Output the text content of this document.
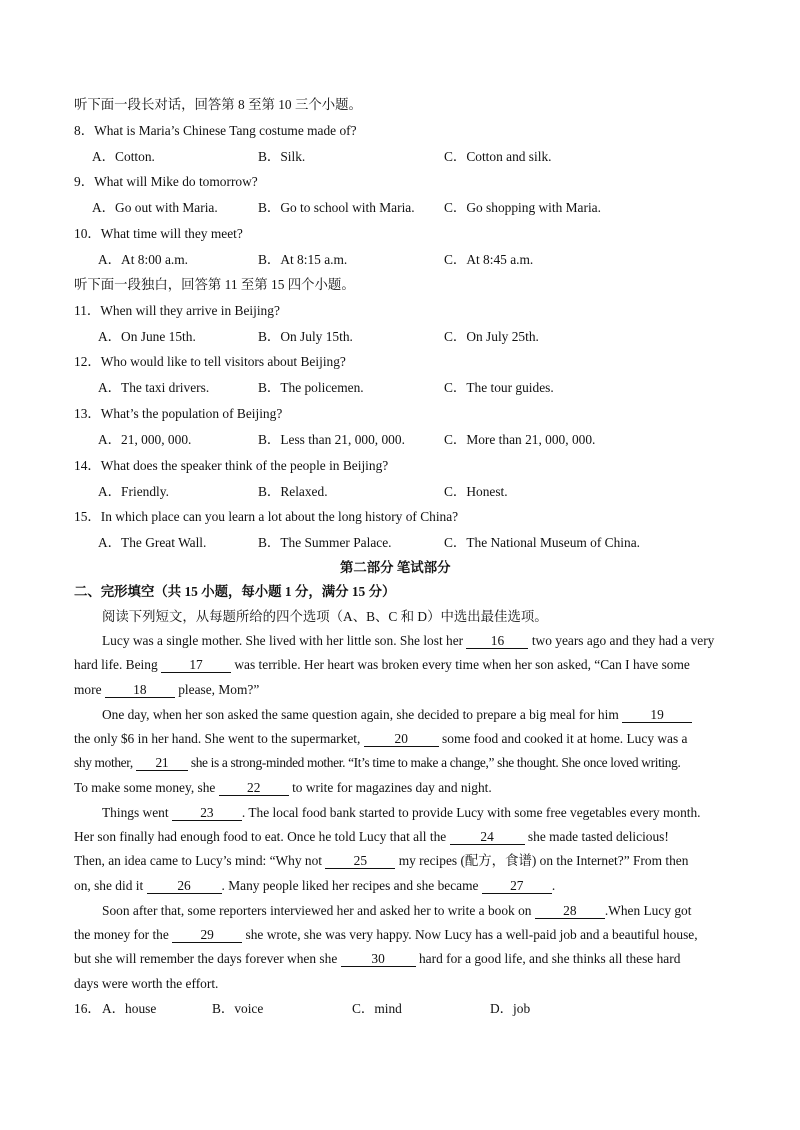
听下面一段长对话，回答第 8 至第 10 三个小题。
8．What is Maria’s Chinese Tang costume made of?
A．Cotton.	B．Silk.	C．Cotton and silk.
9．What will Mike do tomorrow?
A．Go out with Maria.	B．Go to school with Maria. C．Go shopping with Maria.
10．What time will they meet?
A．At 8:00 a.m.	B．At 8:15 a.m.	C．At 8:45 a.m.
听下面一段独白，回答第 11 至第 15 四个小题。
11．When will they arrive in Beijing?
A．On June 15th.	B．On July 15th.	C．On July 25th.
12．Who would like to tell visitors about Beijing?
A．The taxi drivers.	B．The policemen.	C．The tour guides.
13．What’s the population of Beijing?
A．21, 000, 000.	B．Less than 21, 000, 000.	C．More than 21, 000, 000.
14．What does the speaker think of the people in Beijing?
A．Friendly.	B．Relaxed.	C．Honest.
15．In which place can you learn a lot about the long history of China?
A．The Great Wall.	B．The Summer Palace.	C．The National Museum of China.
第二部分 笔试部分
二、完形填空（共 15 小题，每小题 1 分，满分 15 分）
阅读下列短文，从每题所给的四个选项（A、B、C 和 D）中选出最佳选项。
Lucy was a single mother. She lived with her little son. She lost her 16 two years ago and they had a very
hard life. Being 17 was terrible. Her heart was broken every time when her son asked, “Can I have some
more 18 please, Mom?”
One day, when her son asked the same question again, she decided to prepare a big meal for him 19
the only $6 in her hand. She went to the supermarket, 20 some food and cooked it at home. Lucy was a
shy mother, 21 she is a strong-minded mother. “It’s time to make a change,” she thought. She once loved writing.
To make some money, she 22 to write for magazines day and night.
Things went 23 . The local food bank started to provide Lucy with some free vegetables every month.
Her son finally had enough food to eat. Once he told Lucy that all the 24 she made tasted delicious!
Then, an idea came to Lucy’s mind: “Why not 25 my recipes (配方，食谱) on the Internet?” From then
on, she did it 26 . Many people liked her recipes and she became 27 .
Soon after that, some reporters interviewed her and asked her to write a book on 28 .When Lucy got
the money for the 29 she wrote, she was very happy. Now Lucy has a well-paid job and a beautiful house,
but she will remember the days forever when she 30 hard for a good life, and she thinks all these hard
days were worth the effort.
16． A．house	B．voice	C．mind	D．job
